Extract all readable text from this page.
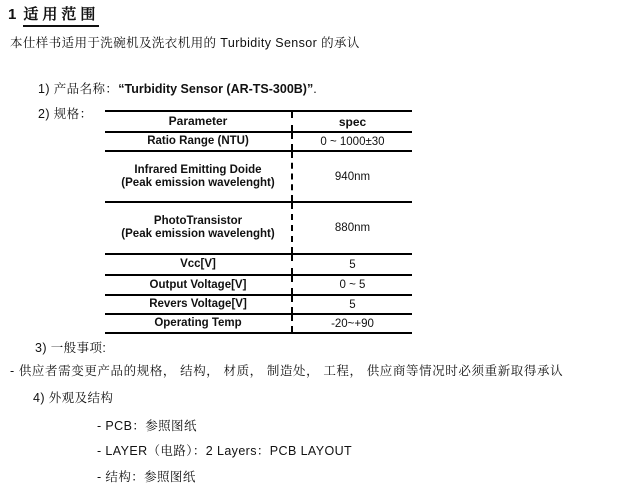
1 适用范围
本仕样书适用于洗碗机及洗衣机用的 Turbidity Sensor 的承认
1) 产品名称：“Turbidity Sensor (AR-TS-300B)”.
2) 规格：	Parameter	spec
Ratio Range (NTU)	0 ~ 1000±30
Infrared Emitting Doide
(Peak emission wavelenght)	940nm
PhotoTransistor
(Peak emission wavelenght)	880nm
Vcc[V]	5
Output Voltage[V]	0 ~ 5
Revers Voltage[V]	5
Operating Temp	-20~+90
3) 一般事项:
- 供应者需变更产品的规格， 结构， 材质， 制造处， 工程， 供应商等情况时必须重新取得承认
4) 外观及结构
- PCB：参照图纸
- LAYER（电路）：2 Layers：PCB LAYOUT
- 结构：参照图纸
